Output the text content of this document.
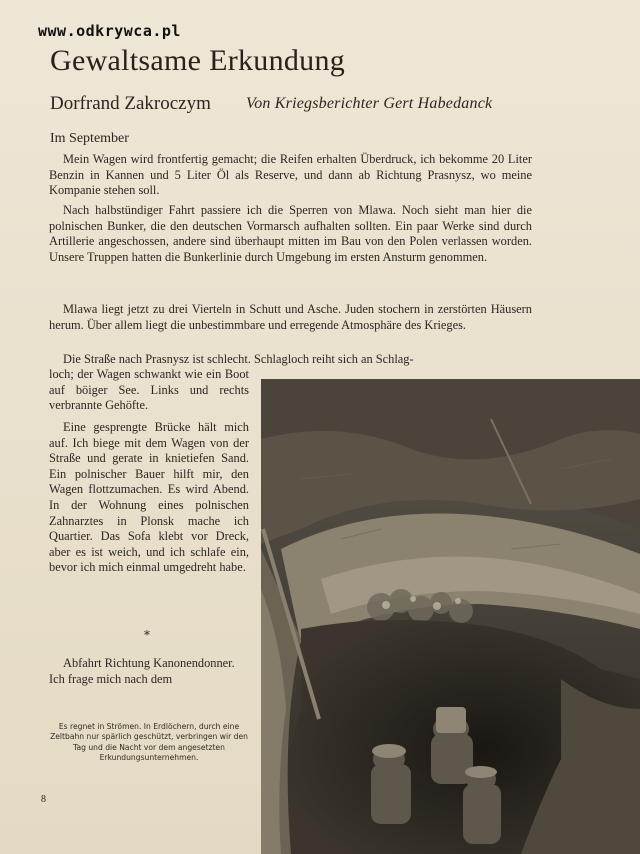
www.odkrywca.pl
Gewaltsame Erkundung
Dorfrand Zakroczym Von Kriegsberichter Gert Habedanck
Im September

Mein Wagen wird frontfertig gemacht; die Reifen erhalten Überdruck, ich bekomme 20 Liter Benzin in Kannen und 5 Liter Öl als Reserve, und dann ab Richtung Prasnysz, wo meine Kompanie stehen soll.

Nach halbstündiger Fahrt passiere ich die Sperren von Mlawa. Noch sieht man hier die polnischen Bunker, die den deutschen Vormarsch aufhalten sollten. Ein paar Werke sind durch Artillerie angeschossen, andere sind überhaupt mitten im Bau von den Polen verlassen worden. Unsere Truppen hatten die Bunkerlinie durch Umgebung im ersten Ansturm genommen.

Mlawa liegt jetzt zu drei Vierteln in Schutt und Asche. Juden stochern in zerstörten Häusern herum. Über allem liegt die unbestimmbare und erregende Atmosphäre des Krieges.

Die Straße nach Prasnysz ist schlecht. Schlagloch reiht sich an Schlag-

loch; der Wagen schwankt wie ein Boot auf böiger See. Links und rechts verbrannte Gehöfte.

Eine gesprengte Brücke hält mich auf. Ich biege mit dem Wagen von der Straße und gerate in knietiefen Sand. Ein polnischer Bauer hilft mir, den Wagen flottzumachen. Es wird Abend. In der Wohnung eines polnischen Zahnarztes in Plonsk mache ich Quartier. Das Sofa klebt vor Dreck, aber es ist weich, und ich schlafe ein, bevor ich mich einmal umgedreht habe.

*

Abfahrt Richtung Kanonendonner.
Ich frage mich nach dem

Es regnet in Strömen. In Erdlöchern, durch eine Zeltbahn nur spärlich geschützt, verbringen wir den Tag und die Nacht vor dem angesetzten Erkundungsunternehmen.

8
